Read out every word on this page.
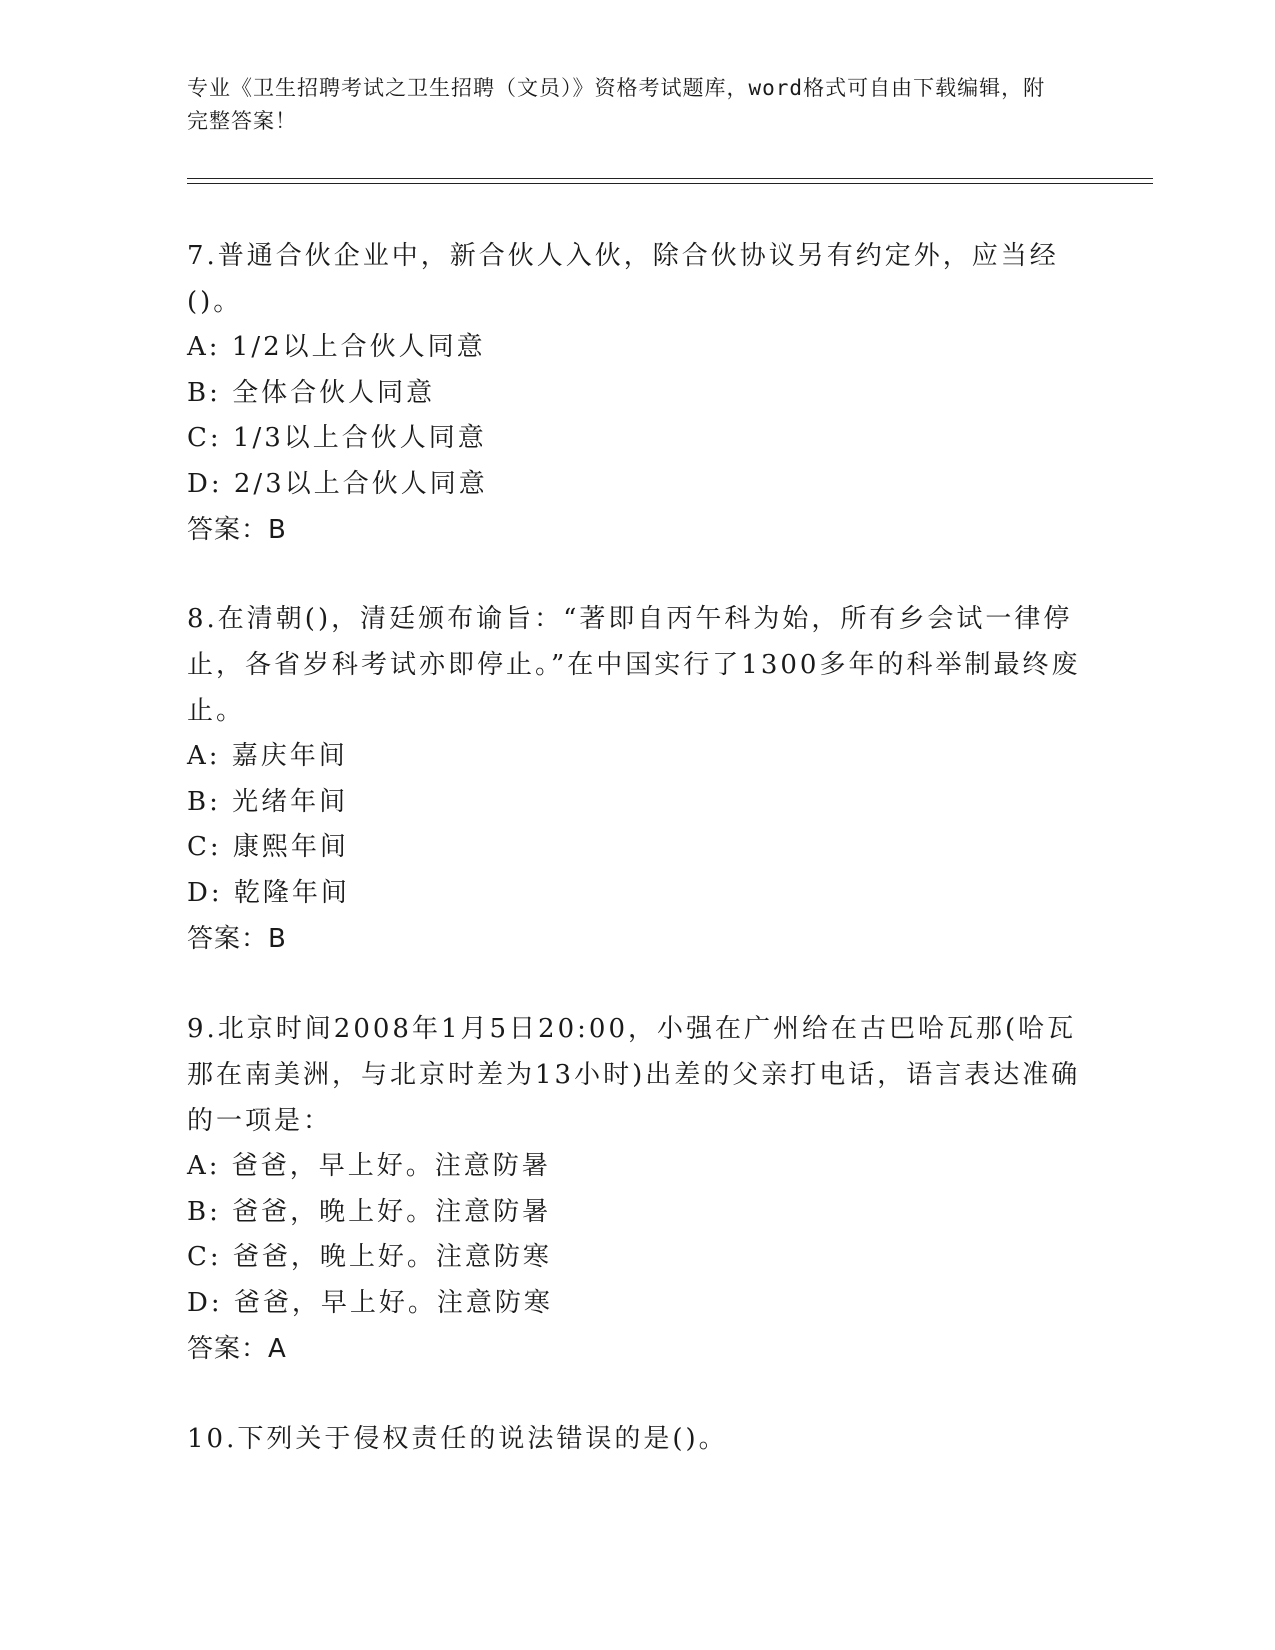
专业《卫生招聘考试之卫生招聘（文员）》资格考试题库，word格式可自由下载编辑，附完整答案！

7.普通合伙企业中，新合伙人入伙，除合伙协议另有约定外，应当经()。

A: 1/2以上合伙人同意

B: 全体合伙人同意

C: 1/3以上合伙人同意

D: 2/3以上合伙人同意

答案：B

8.在清朝()，清廷颁布谕旨：“著即自丙午科为始，所有乡会试一律停止，各省岁科考试亦即停止。”在中国实行了1300多年的科举制最终废止。

A: 嘉庆年间

B: 光绪年间

C: 康熙年间

D: 乾隆年间

答案：B

9.北京时间2008年1月5日20:00，小强在广州给在古巴哈瓦那(哈瓦那在南美洲，与北京时差为13小时)出差的父亲打电话，语言表达准确的一项是：

A: 爸爸，早上好。注意防暑

B: 爸爸，晚上好。注意防暑

C: 爸爸，晚上好。注意防寒

D: 爸爸，早上好。注意防寒

答案：A

10.下列关于侵权责任的说法错误的是()。
